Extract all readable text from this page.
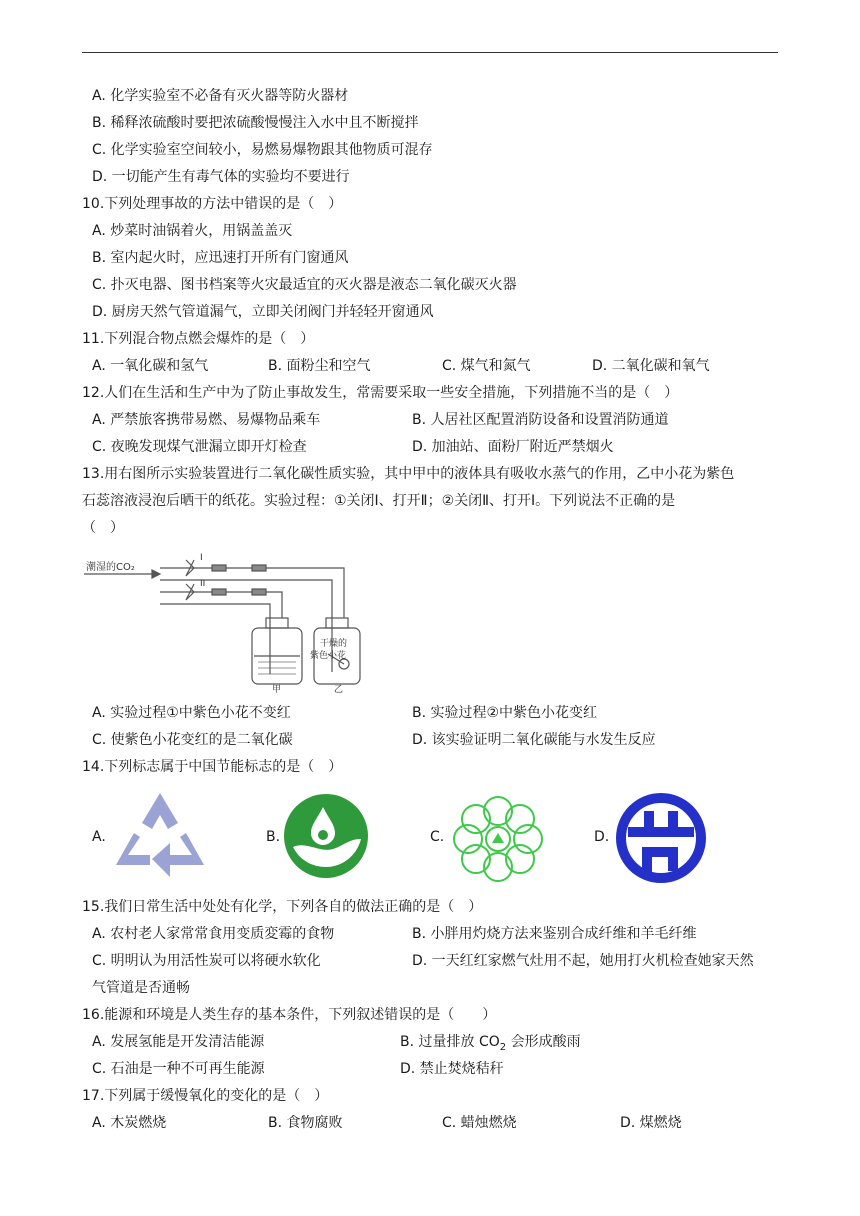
A. 化学实验室不必备有灭火器等防火器材
B. 稀释浓硫酸时要把浓硫酸慢慢注入水中且不断搅拌
C. 化学实验室空间较小，易燃易爆物跟其他物质可混存
D. 一切能产生有毒气体的实验均不要进行
10.下列处理事故的方法中错误的是（　）
A. 炒菜时油锅着火，用锅盖盖灭
B. 室内起火时，应迅速打开所有门窗通风
C. 扑灭电器、图书档案等火灾最适宜的灭火器是液态二氧化碳灭火器
D. 厨房天然气管道漏气，立即关闭阀门并轻轻开窗通风
11.下列混合物点燃会爆炸的是（　）
A. 一氧化碳和氢气	B. 面粉尘和空气	C. 煤气和氮气	D. 二氧化碳和氧气
12.人们在生活和生产中为了防止事故发生，常需要采取一些安全措施，下列措施不当的是（　）
A. 严禁旅客携带易燃、易爆物品乘车	B. 人居社区配置消防设备和设置消防通道
C. 夜晚发现煤气泄漏立即开灯检查	D. 加油站、面粉厂附近严禁烟火
13.用右图所示实验装置进行二氧化碳性质实验，其中甲中的液体具有吸收水蒸气的作用，乙中小花为紫色
石蕊溶液浸泡后晒干的纸花。实验过程：①关闭Ⅰ、打开Ⅱ；②关闭Ⅱ、打开Ⅰ。下列说法不正确的是
（　）
潮湿的CO₂
I
II
干燥的
紫色小花
甲	乙
A. 实验过程①中紫色小花不变红	B. 实验过程②中紫色小花变红
C. 使紫色小花变红的是二氧化碳	D. 该实验证明二氧化碳能与水发生反应
14.下列标志属于中国节能标志的是（　）
A.	B.	C.	D.
15.我们日常生活中处处有化学，下列各自的做法正确的是（　）
A. 农村老人家常常食用变质変霉的食物	B. 小胖用灼烧方法来鉴别合成纤维和羊毛纤维
C. 明明认为用活性炭可以将硬水软化	D. 一天红红家燃气灶用不起，她用打火机检查她家天然
气管道是否通畅
16.能源和环境是人类生存的基本条件，下列叙述错误的是（　　）
A. 发展氢能是开发清洁能源	B. 过量排放 $CO_2$ 会形成酸雨
C. 石油是一种不可再生能源	D. 禁止焚烧秸秆
17.下列属于缓慢氧化的变化的是（　）
A. 木炭燃烧	B. 食物腐败	C. 蜡烛燃烧	D. 煤燃烧
